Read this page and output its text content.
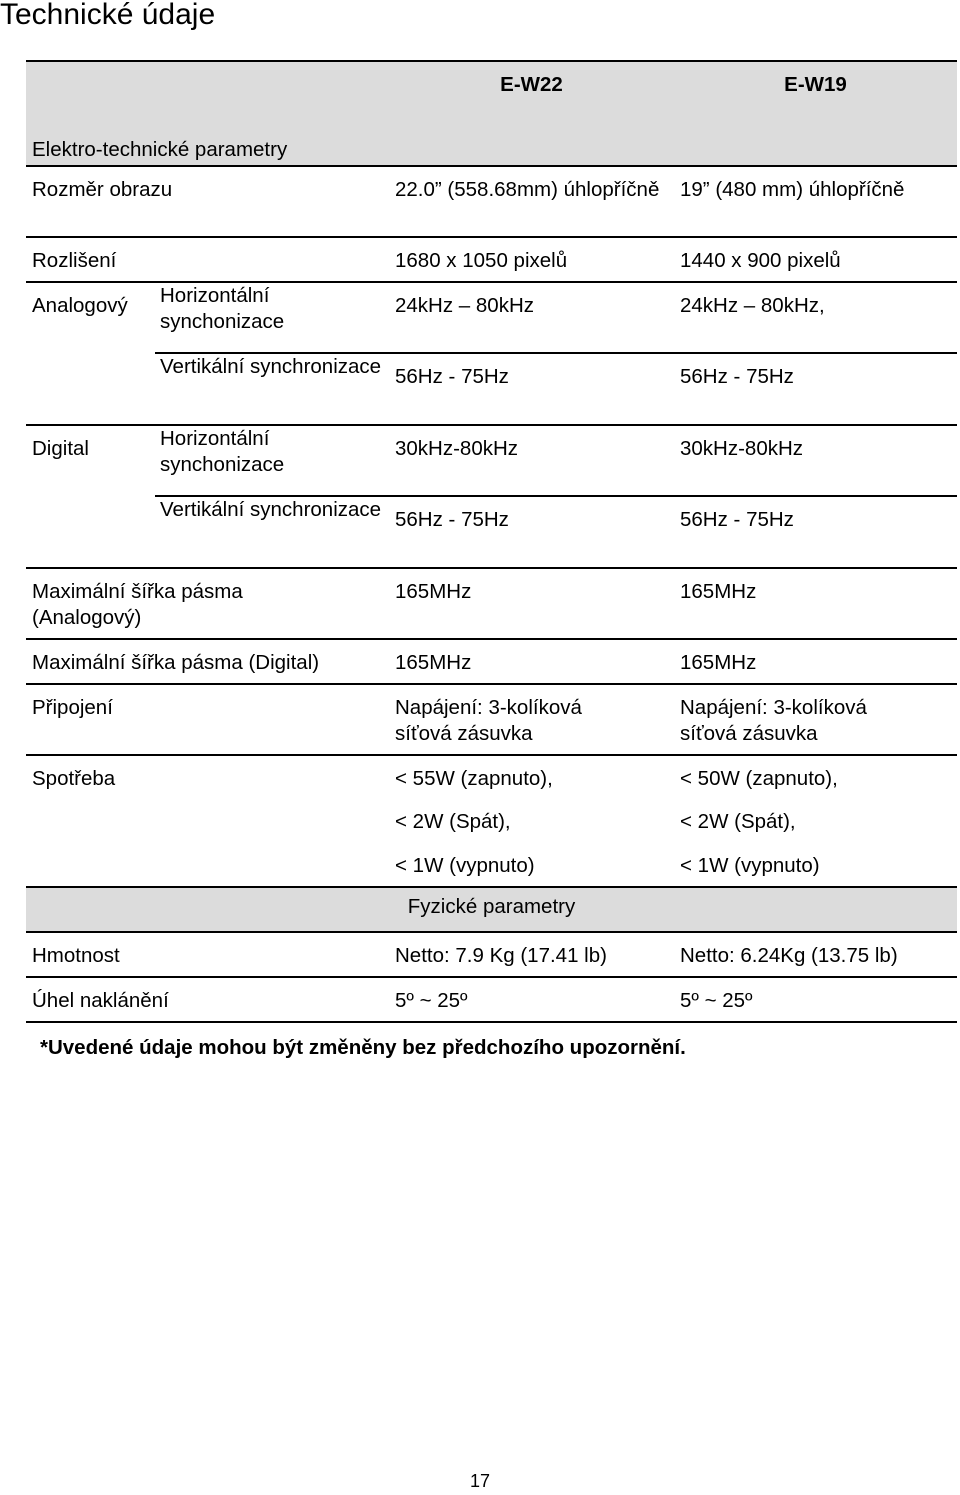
Technické údaje
Elektro-technické parametry		E-W22	E-W19
Rozměr obrazu		22.0” (558.68mm) úhlopříčně	19” (480 mm) úhlopříčně
Rozlišení		1680 x 1050 pixelů	1440 x 900 pixelů
Analogový	Horizontální synchonizace	24kHz – 80kHz	24kHz – 80kHz,
	Vertikální synchronizace	56Hz - 75Hz	56Hz - 75Hz
Digital	Horizontální synchonizace	30kHz-80kHz	30kHz-80kHz
	Vertikální synchronizace	56Hz - 75Hz	56Hz - 75Hz
Maximální šířka pásma (Analogový)		165MHz	165MHz
Maximální šířka pásma (Digital)		165MHz	165MHz
Připojení		Napájení: 3-kolíková síťová zásuvka	Napájení: 3-kolíková síťová zásuvka
Spotřeba		< 55W (zapnuto),	< 50W (zapnuto),
		< 2W (Spát),	< 2W (Spát),
		< 1W (vypnuto)	< 1W (vypnuto)
Fyzické parametry			
Hmotnost		Netto: 7.9 Kg (17.41 lb)	Netto: 6.24Kg (13.75 lb)
Úhel naklánění		5º ~ 25º	5º ~ 25º

*Uvedené údaje mohou být změněny bez předchozího upozornění.

17
